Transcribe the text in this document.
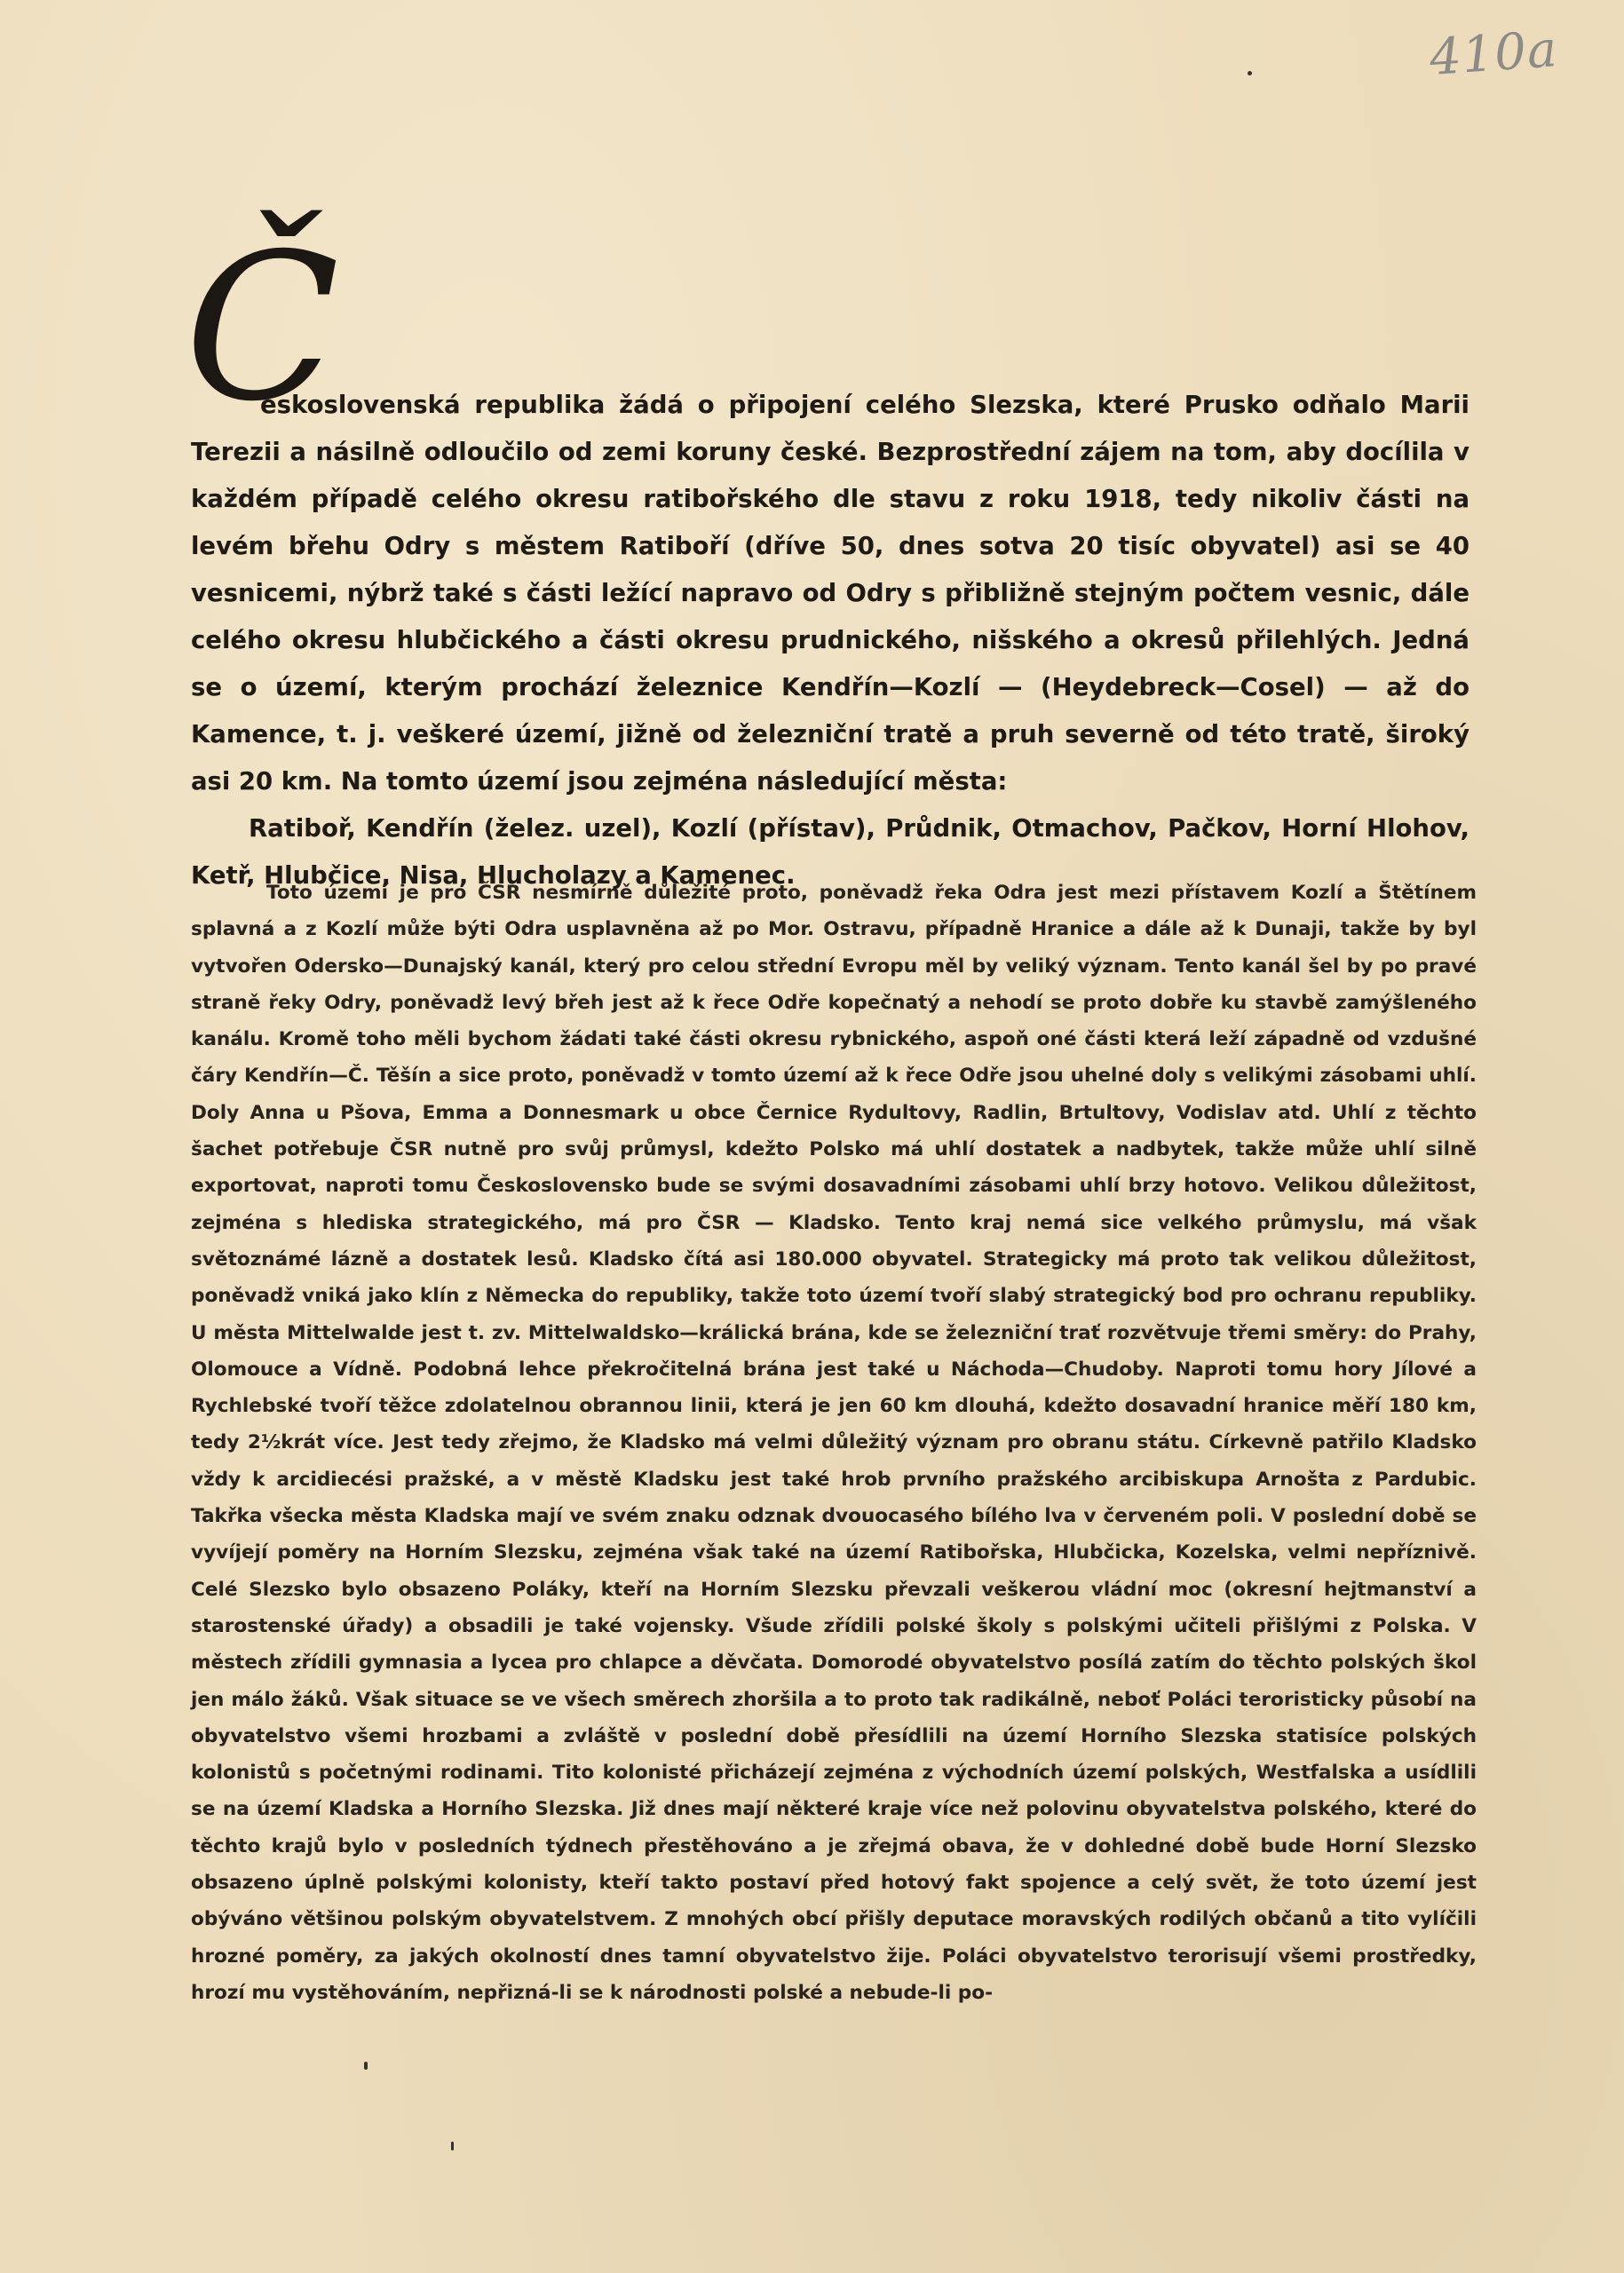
410a
Č

eskoslovenská republika žádá o připojení celého Slezska, které Prusko odňalo Marii Terezii a násilně odloučilo od zemi koruny české. Bezprostřední zájem na tom, aby docílila v každém případě celého okresu ratibořského dle stavu z roku 1918, tedy nikoliv části na levém břehu Odry s městem Ratiboří (dříve 50, dnes sotva 20 tisíc obyvatel) asi se 40 vesnicemi, nýbrž také s části ležící napravo od Odry s přibližně stejným počtem vesnic, dále celého okresu hlubčického a části okresu prudnického, nišského a okresů přilehlých. Jedná se o území, kterým prochází železnice Kendřín—Kozlí — (Heydebreck—Cosel) — až do Kamence, t. j. veškeré území, jižně od železniční tratě a pruh severně od této tratě, široký asi 20 km. Na tomto území jsou zejména následující města:
Ratiboř, Kendřín (želez. uzel), Kozlí (přístav), Průdnik, Otmachov, Pačkov, Horní Hlohov, Ketř, Hlubčice, Nisa, Hlucholazy a Kamenec.

Toto území je pro ČSR nesmírně důležité proto, poněvadž řeka Odra jest mezi přístavem Kozlí a Štětínem splavná a z Kozlí může býti Odra usplavněna až po Mor. Ostravu, případně Hranice a dále až k Dunaji, takže by byl vytvořen Odersko—Dunajský kanál, který pro celou střední Evropu měl by veliký význam. Tento kanál šel by po pravé straně řeky Odry, poněvadž levý břeh jest až k řece Odře kopečnatý a nehodí se proto dobře ku stavbě zamýšleného kanálu. Kromě toho měli bychom žádati také části okresu rybnického, aspoň oné části která leží západně od vzdušné čáry Kendřín—Č. Těšín a sice proto, poněvadž v tomto území až k řece Odře jsou uhelné doly s velikými zásobami uhlí. Doly Anna u Pšova, Emma a Donnesmark u obce Černice Rydultovy, Radlin, Brtultovy, Vodislav atd. Uhlí z těchto šachet potřebuje ČSR nutně pro svůj průmysl, kdežto Polsko má uhlí dostatek a nadbytek, takže může uhlí silně exportovat, naproti tomu Československo bude se svými dosavadními zásobami uhlí brzy hotovo. Velikou důležitost, zejména s hlediska strategického, má pro ČSR — Kladsko. Tento kraj nemá sice velkého průmyslu, má však světoznámé lázně a dostatek lesů. Kladsko čítá asi 180.000 obyvatel. Strategicky má proto tak velikou důležitost, poněvadž vniká jako klín z Německa do republiky, takže toto území tvoří slabý strategický bod pro ochranu republiky. U města Mittelwalde jest t. zv. Mittelwaldsko—králická brána, kde se železniční trať rozvětvuje třemi směry: do Prahy, Olomouce a Vídně. Podobná lehce překročitelná brána jest také u Náchoda—Chudoby. Naproti tomu hory Jílové a Rychlebské tvoří těžce zdolatelnou obrannou linii, která je jen 60 km dlouhá, kdežto dosavadní hranice měří 180 km, tedy 2½krát více. Jest tedy zřejmo, že Kladsko má velmi důležitý význam pro obranu státu. Církevně patřilo Kladsko vždy k arcidiecési pražské, a v městě Kladsku jest také hrob prvního pražského arcibiskupa Arnošta z Pardubic. Takřka všecka města Kladska mají ve svém znaku odznak dvouocasého bílého lva v červeném poli. V poslední době se vyvíjejí poměry na Horním Slezsku, zejména však také na území Ratibořska, Hlubčicka, Kozelska, velmi nepříznivě. Celé Slezsko bylo obsazeno Poláky, kteří na Horním Slezsku převzali veškerou vládní moc (okresní hejtmanství a starostenské úřady) a obsadili je také vojensky. Všude zřídili polské školy s polskými učiteli přišlými z Polska. V městech zřídili gymnasia a lycea pro chlapce a děvčata. Domorodé obyvatelstvo posílá zatím do těchto polských škol jen málo žáků. Však situace se ve všech směrech zhoršila a to proto tak radikálně, neboť Poláci teroristicky působí na obyvatelstvo všemi hrozbami a zvláště v poslední době přesídlili na území Horního Slezska statisíce polských kolonistů s početnými rodinami. Tito kolonisté přicházejí zejména z východních území polských, Westfalska a usídlili se na území Kladska a Horního Slezska. Již dnes mají některé kraje více než polovinu obyvatelstva polského, které do těchto krajů bylo v posledních týdnech přestěhováno a je zřejmá obava, že v dohledné době bude Horní Slezsko obsazeno úplně polskými kolonisty, kteří takto postaví před hotový fakt spojence a celý svět, že toto území jest obýváno většinou polským obyvatelstvem. Z mnohých obcí přišly deputace moravských rodilých občanů a tito vylíčili hrozné poměry, za jakých okolností dnes tamní obyvatelstvo žije. Poláci obyvatelstvo terorisují všemi prostředky, hrozí mu vystěhováním, nepřizná-li se k národnosti polské a nebude-li po-
